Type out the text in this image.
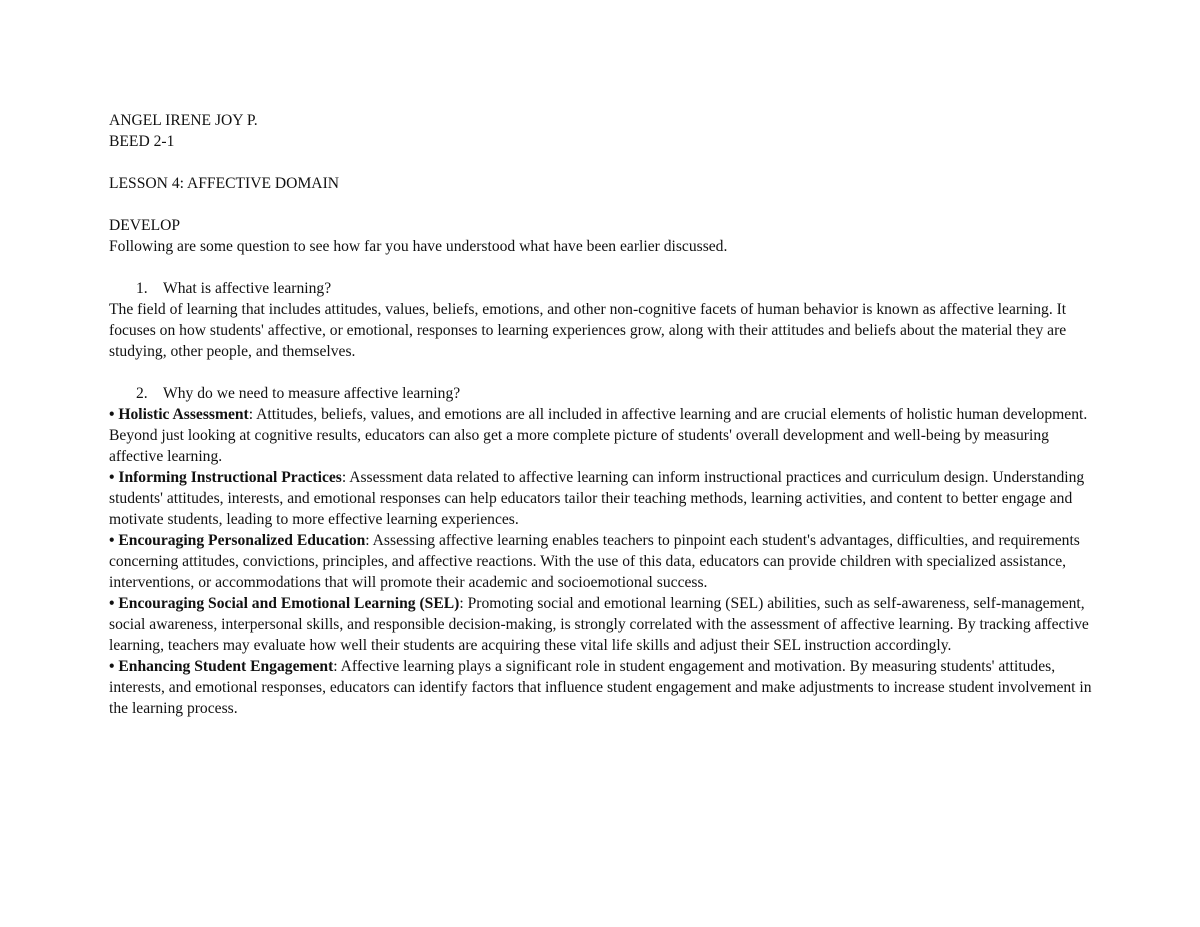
ANGEL IRENE JOY P.
BEED 2-1
LESSON 4: AFFECTIVE DOMAIN
DEVELOP
Following are some question to see how far you have understood what have been earlier discussed.
1. What is affective learning?

The field of learning that includes attitudes, values, beliefs, emotions, and other non-cognitive facets of human behavior is known as affective learning. It focuses on how students' affective, or emotional, responses to learning experiences grow, along with their attitudes and beliefs about the material they are studying, other people, and themselves.

2. Why do we need to measure affective learning?

• Holistic Assessment: Attitudes, beliefs, values, and emotions are all included in affective learning and are crucial elements of holistic human development. Beyond just looking at cognitive results, educators can also get a more complete picture of students' overall development and well-being by measuring affective learning.

• Informing Instructional Practices: Assessment data related to affective learning can inform instructional practices and curriculum design. Understanding students' attitudes, interests, and emotional responses can help educators tailor their teaching methods, learning activities, and content to better engage and motivate students, leading to more effective learning experiences.

• Encouraging Personalized Education: Assessing affective learning enables teachers to pinpoint each student's advantages, difficulties, and requirements concerning attitudes, convictions, principles, and affective reactions. With the use of this data, educators can provide children with specialized assistance, interventions, or accommodations that will promote their academic and socioemotional success.

• Encouraging Social and Emotional Learning (SEL): Promoting social and emotional learning (SEL) abilities, such as self-awareness, self-management, social awareness, interpersonal skills, and responsible decision-making, is strongly correlated with the assessment of affective learning. By tracking affective learning, teachers may evaluate how well their students are acquiring these vital life skills and adjust their SEL instruction accordingly.

• Enhancing Student Engagement: Affective learning plays a significant role in student engagement and motivation. By measuring students' attitudes, interests, and emotional responses, educators can identify factors that influence student engagement and make adjustments to increase student involvement in the learning process.
